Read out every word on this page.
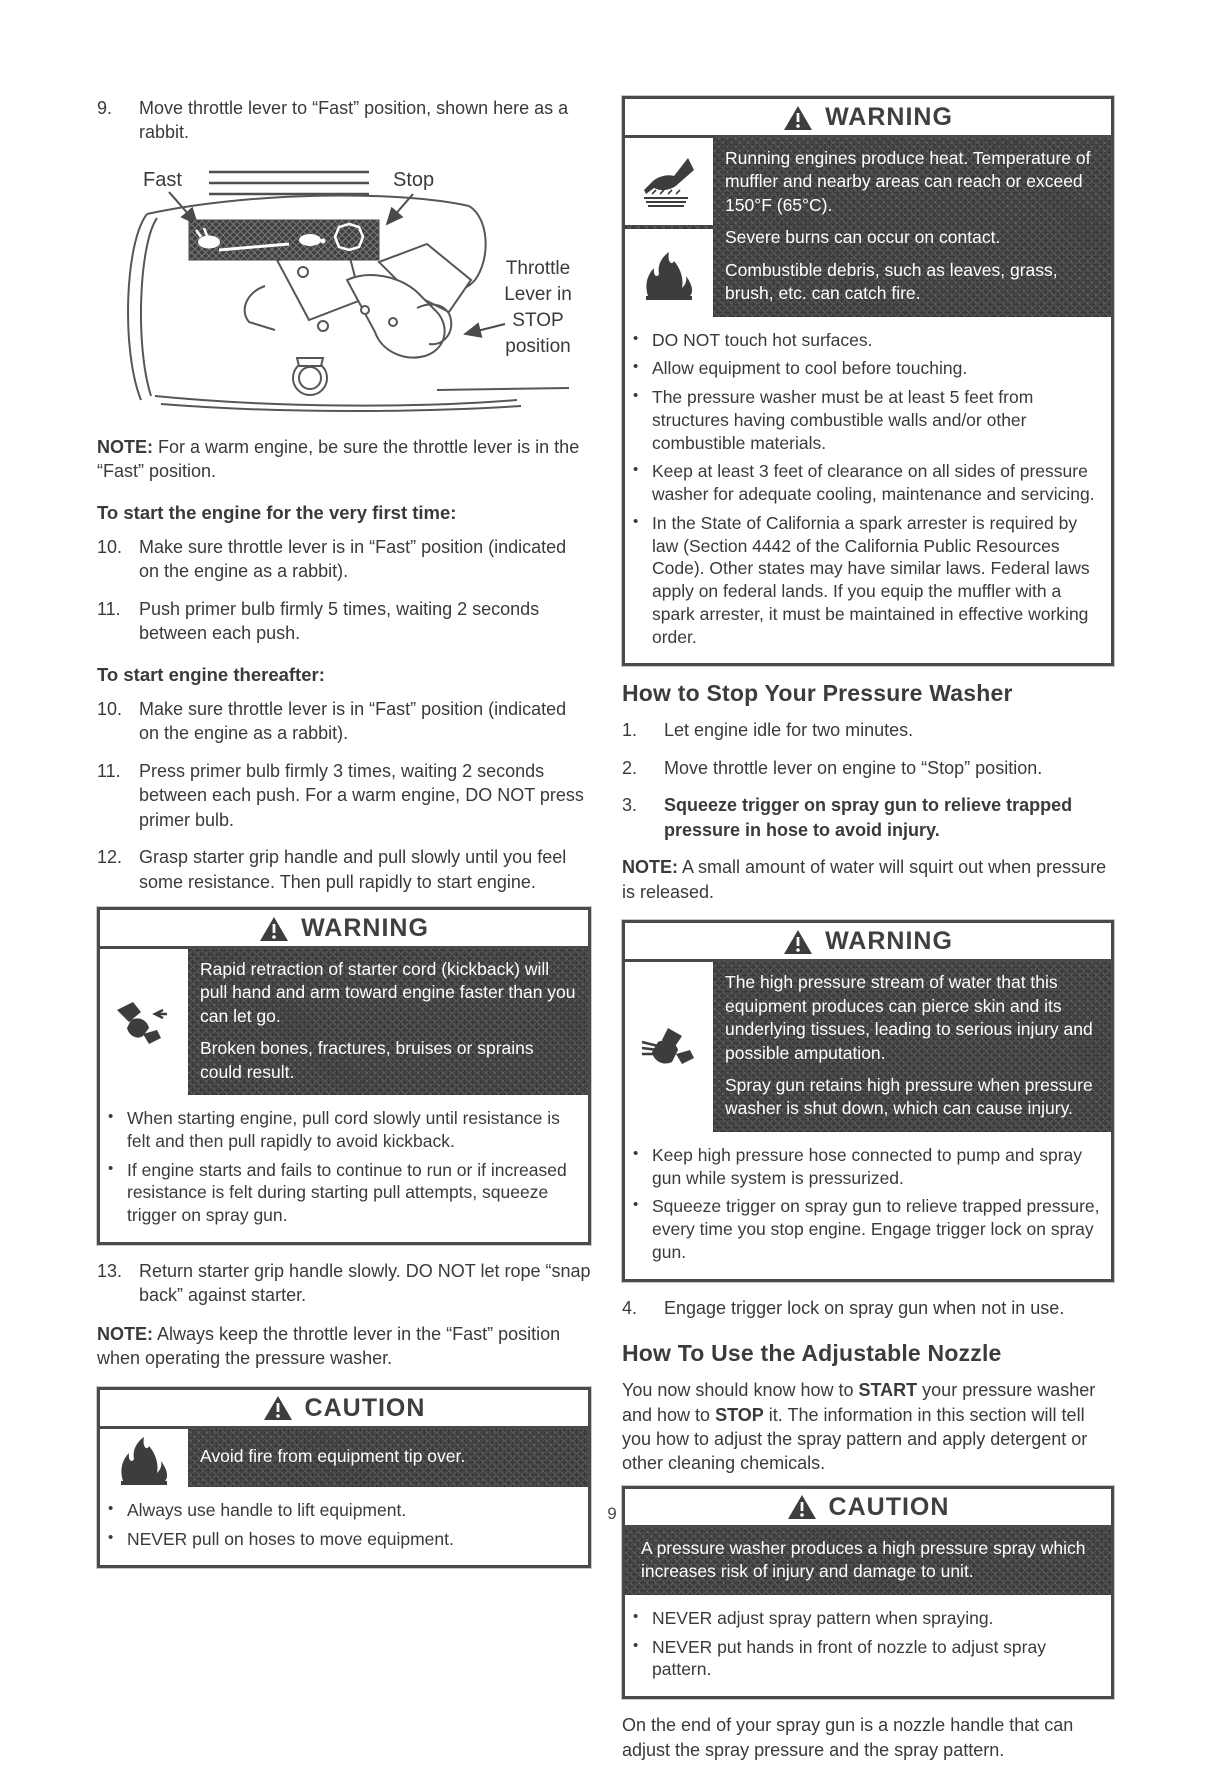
9.	Move throttle lever to “Fast” position, shown here as a rabbit.
Fast	Stop
Throttle
Lever in
STOP
position

NOTE: For a warm engine, be sure the throttle lever is in the “Fast” position.

To start the engine for the very first time:

10. Make sure throttle lever is in “Fast” position (indicated on the engine as a rabbit).
11.	Push primer bulb firmly 5 times, waiting 2 seconds between each push.

To start engine thereafter:

10. Make sure throttle lever is in “Fast” position (indicated on the engine as a rabbit).
11.	Press primer bulb firmly 3 times, waiting 2 seconds between each push. For a warm engine, DO NOT press primer bulb.
12. Grasp starter grip handle and pull slowly until you feel some resistance. Then pull rapidly to start engine.
WARNING

Rapid retraction of starter cord (kickback) will pull hand and arm toward engine faster than you can let go.

Broken bones, fractures, bruises or sprains could result.

• When starting engine, pull cord slowly until resistance is felt and then pull rapidly to avoid kickback.
• If engine starts and fails to continue to run or if increased resistance is felt during starting pull attempts, squeeze trigger on spray gun.
13. Return starter grip handle slowly. DO NOT let rope “snap back” against starter.

NOTE: Always keep the throttle lever in the “Fast” position when operating the pressure washer.

CAUTION

Avoid fire from equipment tip over.

• Always use handle to lift equipment.
• NEVER pull on hoses to move equipment.
WARNING

Running engines produce heat. Temperature of muffler and nearby areas can reach or exceed 150°F (65°C).

Severe burns can occur on contact.

Combustible debris, such as leaves, grass, brush, etc. can catch fire.

• DO NOT touch hot surfaces.
• Allow equipment to cool before touching.
• The pressure washer must be at least 5 feet from structures having combustible walls and/or other combustible materials.
• Keep at least 3 feet of clearance on all sides of pressure washer for adequate cooling, maintenance and servicing.
• In the State of California a spark arrester is required by law (Section 4442 of the California Public Resources Code). Other states may have similar laws. Federal laws apply on federal lands. If you equip the muffler with a spark arrester, it must be maintained in effective working order.
How to Stop Your Pressure Washer
1.	Let engine idle for two minutes.
2.	Move throttle lever on engine to “Stop” position.
3.	Squeeze trigger on spray gun to relieve trapped pressure in hose to avoid injury.

NOTE: A small amount of water will squirt out when pressure is released.

WARNING

The high pressure stream of water that this equipment produces can pierce skin and its underlying tissues, leading to serious injury and possible amputation.

Spray gun retains high pressure when pressure washer is shut down, which can cause injury.

• Keep high pressure hose connected to pump and spray gun while system is pressurized.
• Squeeze trigger on spray gun to relieve trapped pressure, every time you stop engine. Engage trigger lock on spray gun.
4.	Engage trigger lock on spray gun when not in use.
How To Use the Adjustable Nozzle

You now should know how to START your pressure washer and how to STOP it. The information in this section will tell you how to adjust the spray pattern and apply detergent or other cleaning chemicals.

CAUTION

A pressure washer produces a high pressure spray which increases risk of injury and damage to unit.

• NEVER adjust spray pattern when spraying.
• NEVER put hands in front of nozzle to adjust spray pattern.

On the end of your spray gun is a nozzle handle that can adjust the spray pressure and the spray pattern.

9
